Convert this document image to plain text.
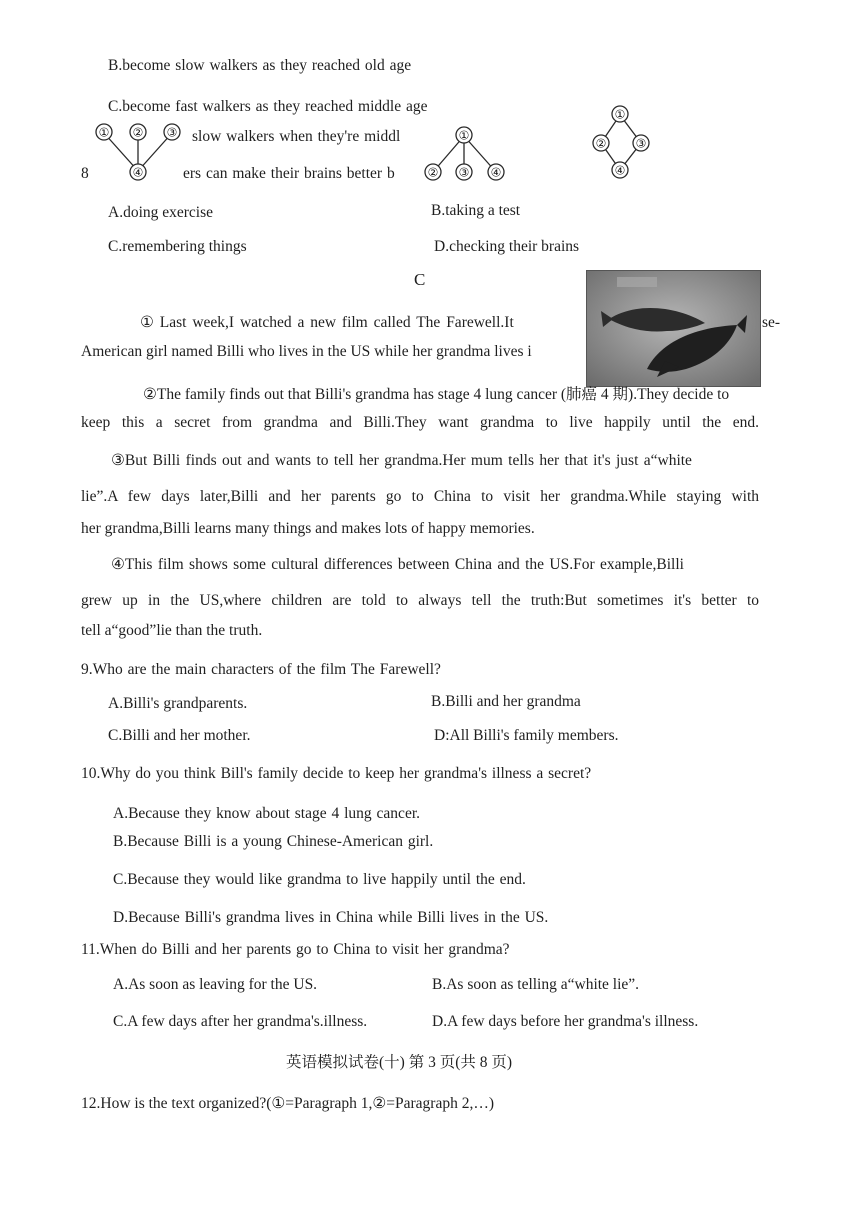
B.become slow walkers as they reached old age
C.become fast walkers as they reached middle age
slow walkers when they're middl
8	ers can make their brains better b
A.doing exercise	B.taking a test
C.remembering things	D.checking their brains
① ② ③
④
①
② ③ ④
①
② ③
④
C
① Last week,I watched a new film called The Farewell.It	se-
American girl named Billi who lives in the US while her grandma lives i
②The family finds out that Billi's grandma has stage 4 lung cancer (肺癌 4 期).They decide to
keep this a secret from grandma and Billi.They want grandma to live happily until the end.
③But Billi finds out and wants to tell her grandma.Her mum tells her that it's just a“white
lie”.A few days later,Billi and her parents go to China to visit her grandma.While staying with
her grandma,Billi learns many things and makes lots of happy memories.
④This film shows some cultural differences between China and the US.For example,Billi
grew up in the US,where children are told to always tell the truth:But sometimes it's better to
tell a“good”lie than the truth.
9.Who are the main characters of the film The Farewell?
A.Billi's grandparents.	B.Billi and her grandma
C.Billi and her mother.	D:All Billi's family members.
10.Why do you think Bill's family decide to keep her grandma's illness a secret?
A.Because they know about stage 4 lung cancer.
B.Because Billi is a young Chinese-American girl.
C.Because they would like grandma to live happily until the end.
D.Because Billi's grandma lives in China while Billi lives in the US.
11.When do Billi and her parents go to China to visit her grandma?
A.As soon as leaving for the US.	B.As soon as telling a“white lie”.
C.A few days after her grandma's.illness.	D.A few days before her grandma's illness.
英语模拟试卷(十) 第 3 页(共 8 页)
12.How is the text organized?(①=Paragraph 1,②=Paragraph 2,…)
